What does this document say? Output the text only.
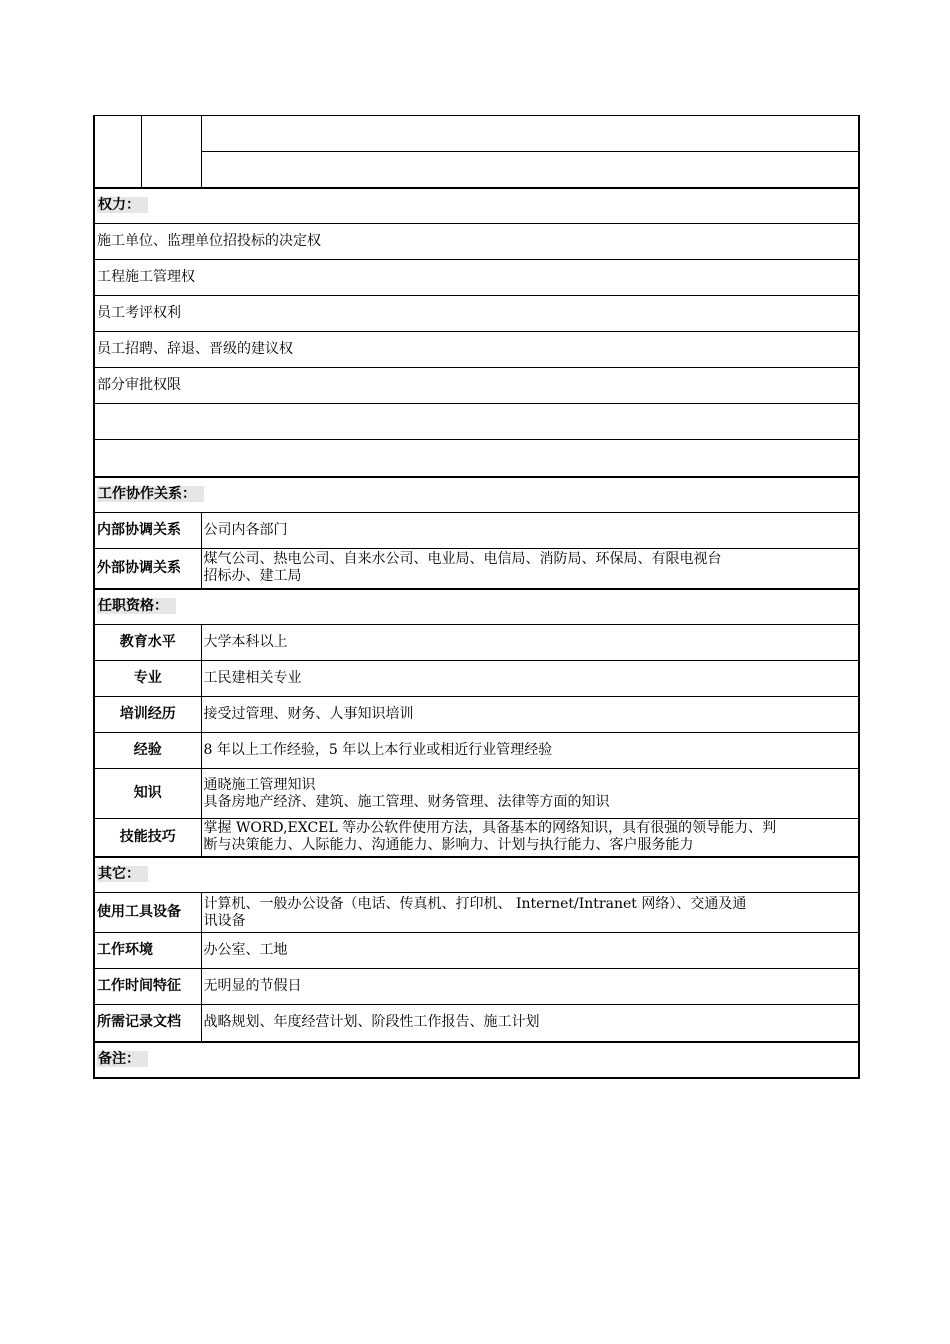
权力：		
施工单位、监理单位招投标的决定权		
工程施工管理权		
员工考评权利		
员工招聘、辞退、晋级的建议权		
部分审批权限		

工作协作关系：		
内部协调关系		公司内各部门
外部协调关系		煤气公司、热电公司、自来水公司、电业局、电信局、消防局、环保局、有限电视台
招标办、建工局

任职资格：		
教育水平		大学本科以上
专业		工民建相关专业
培训经历		接受过管理、财务、人事知识培训
经验		8 年以上工作经验，5 年以上本行业或相近行业管理经验
知识		通晓施工管理知识
具备房地产经济、建筑、施工管理、财务管理、法律等方面的知识

技能技巧		掌握 WORD,EXCEL 等办公软件使用方法，具备基本的网络知识，具有很强的领导能力、判
断与决策能力、人际能力、沟通能力、影响力、计划与执行能力、客户服务能力

其它：		
使用工具设备		计算机、一般办公设备（电话、传真机、打印机、 Internet/Intranet 网络）、交通及通
讯设备

工作环境		办公室、工地
工作时间特征		无明显的节假日
所需记录文档		战略规划、年度经营计划、阶段性工作报告、施工计划
备注：		
